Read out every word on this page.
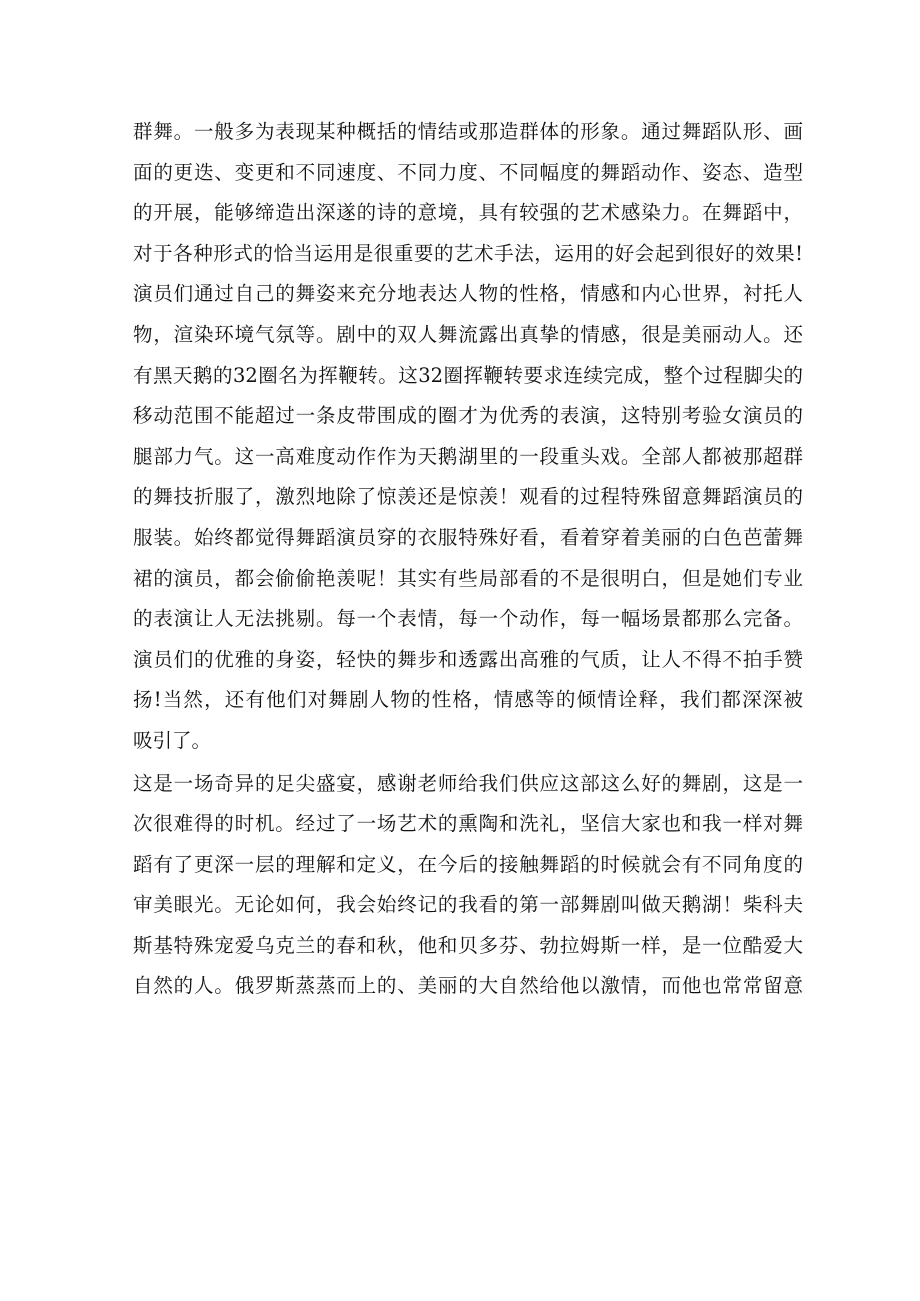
群舞。一般多为表现某种概括的情结或那造群体的形象。通过舞蹈队形、画
面的更迭、变更和不同速度、不同力度、不同幅度的舞蹈动作、姿态、造型
的开展，能够缔造出深遂的诗的意境，具有较强的艺术感染力。在舞蹈中，
对于各种形式的恰当运用是很重要的艺术手法，运用的好会起到很好的效果!
演员们通过自己的舞姿来充分地表达人物的性格，情感和内心世界，衬托人
物，渲染环境气氛等。剧中的双人舞流露出真挚的情感，很是美丽动人。还
有黑天鹅的32圈名为挥鞭转。这32圈挥鞭转要求连续完成，整个过程脚尖的
移动范围不能超过一条皮带围成的圈才为优秀的表演，这特别考验女演员的
腿部力气。这一高难度动作作为天鹅湖里的一段重头戏。全部人都被那超群
的舞技折服了，激烈地除了惊羡还是惊羡！观看的过程特殊留意舞蹈演员的
服装。始终都觉得舞蹈演员穿的衣服特殊好看，看着穿着美丽的白色芭蕾舞
裙的演员，都会偷偷艳羡呢！其实有些局部看的不是很明白，但是她们专业
的表演让人无法挑剔。每一个表情，每一个动作，每一幅场景都那么完备。
演员们的优雅的身姿，轻快的舞步和透露出高雅的气质，让人不得不拍手赞
扬!当然，还有他们对舞剧人物的性格，情感等的倾情诠释，我们都深深被
吸引了。
这是一场奇异的足尖盛宴，感谢老师给我们供应这部这么好的舞剧，这是一
次很难得的时机。经过了一场艺术的熏陶和洗礼，坚信大家也和我一样对舞
蹈有了更深一层的理解和定义，在今后的接触舞蹈的时候就会有不同角度的
审美眼光。无论如何，我会始终记的我看的第一部舞剧叫做天鹅湖！柴科夫
斯基特殊宠爱乌克兰的春和秋，他和贝多芬、勃拉姆斯一样，是一位酷爱大
自然的人。俄罗斯蒸蒸而上的、美丽的大自然给他以激情，而他也常常留意
